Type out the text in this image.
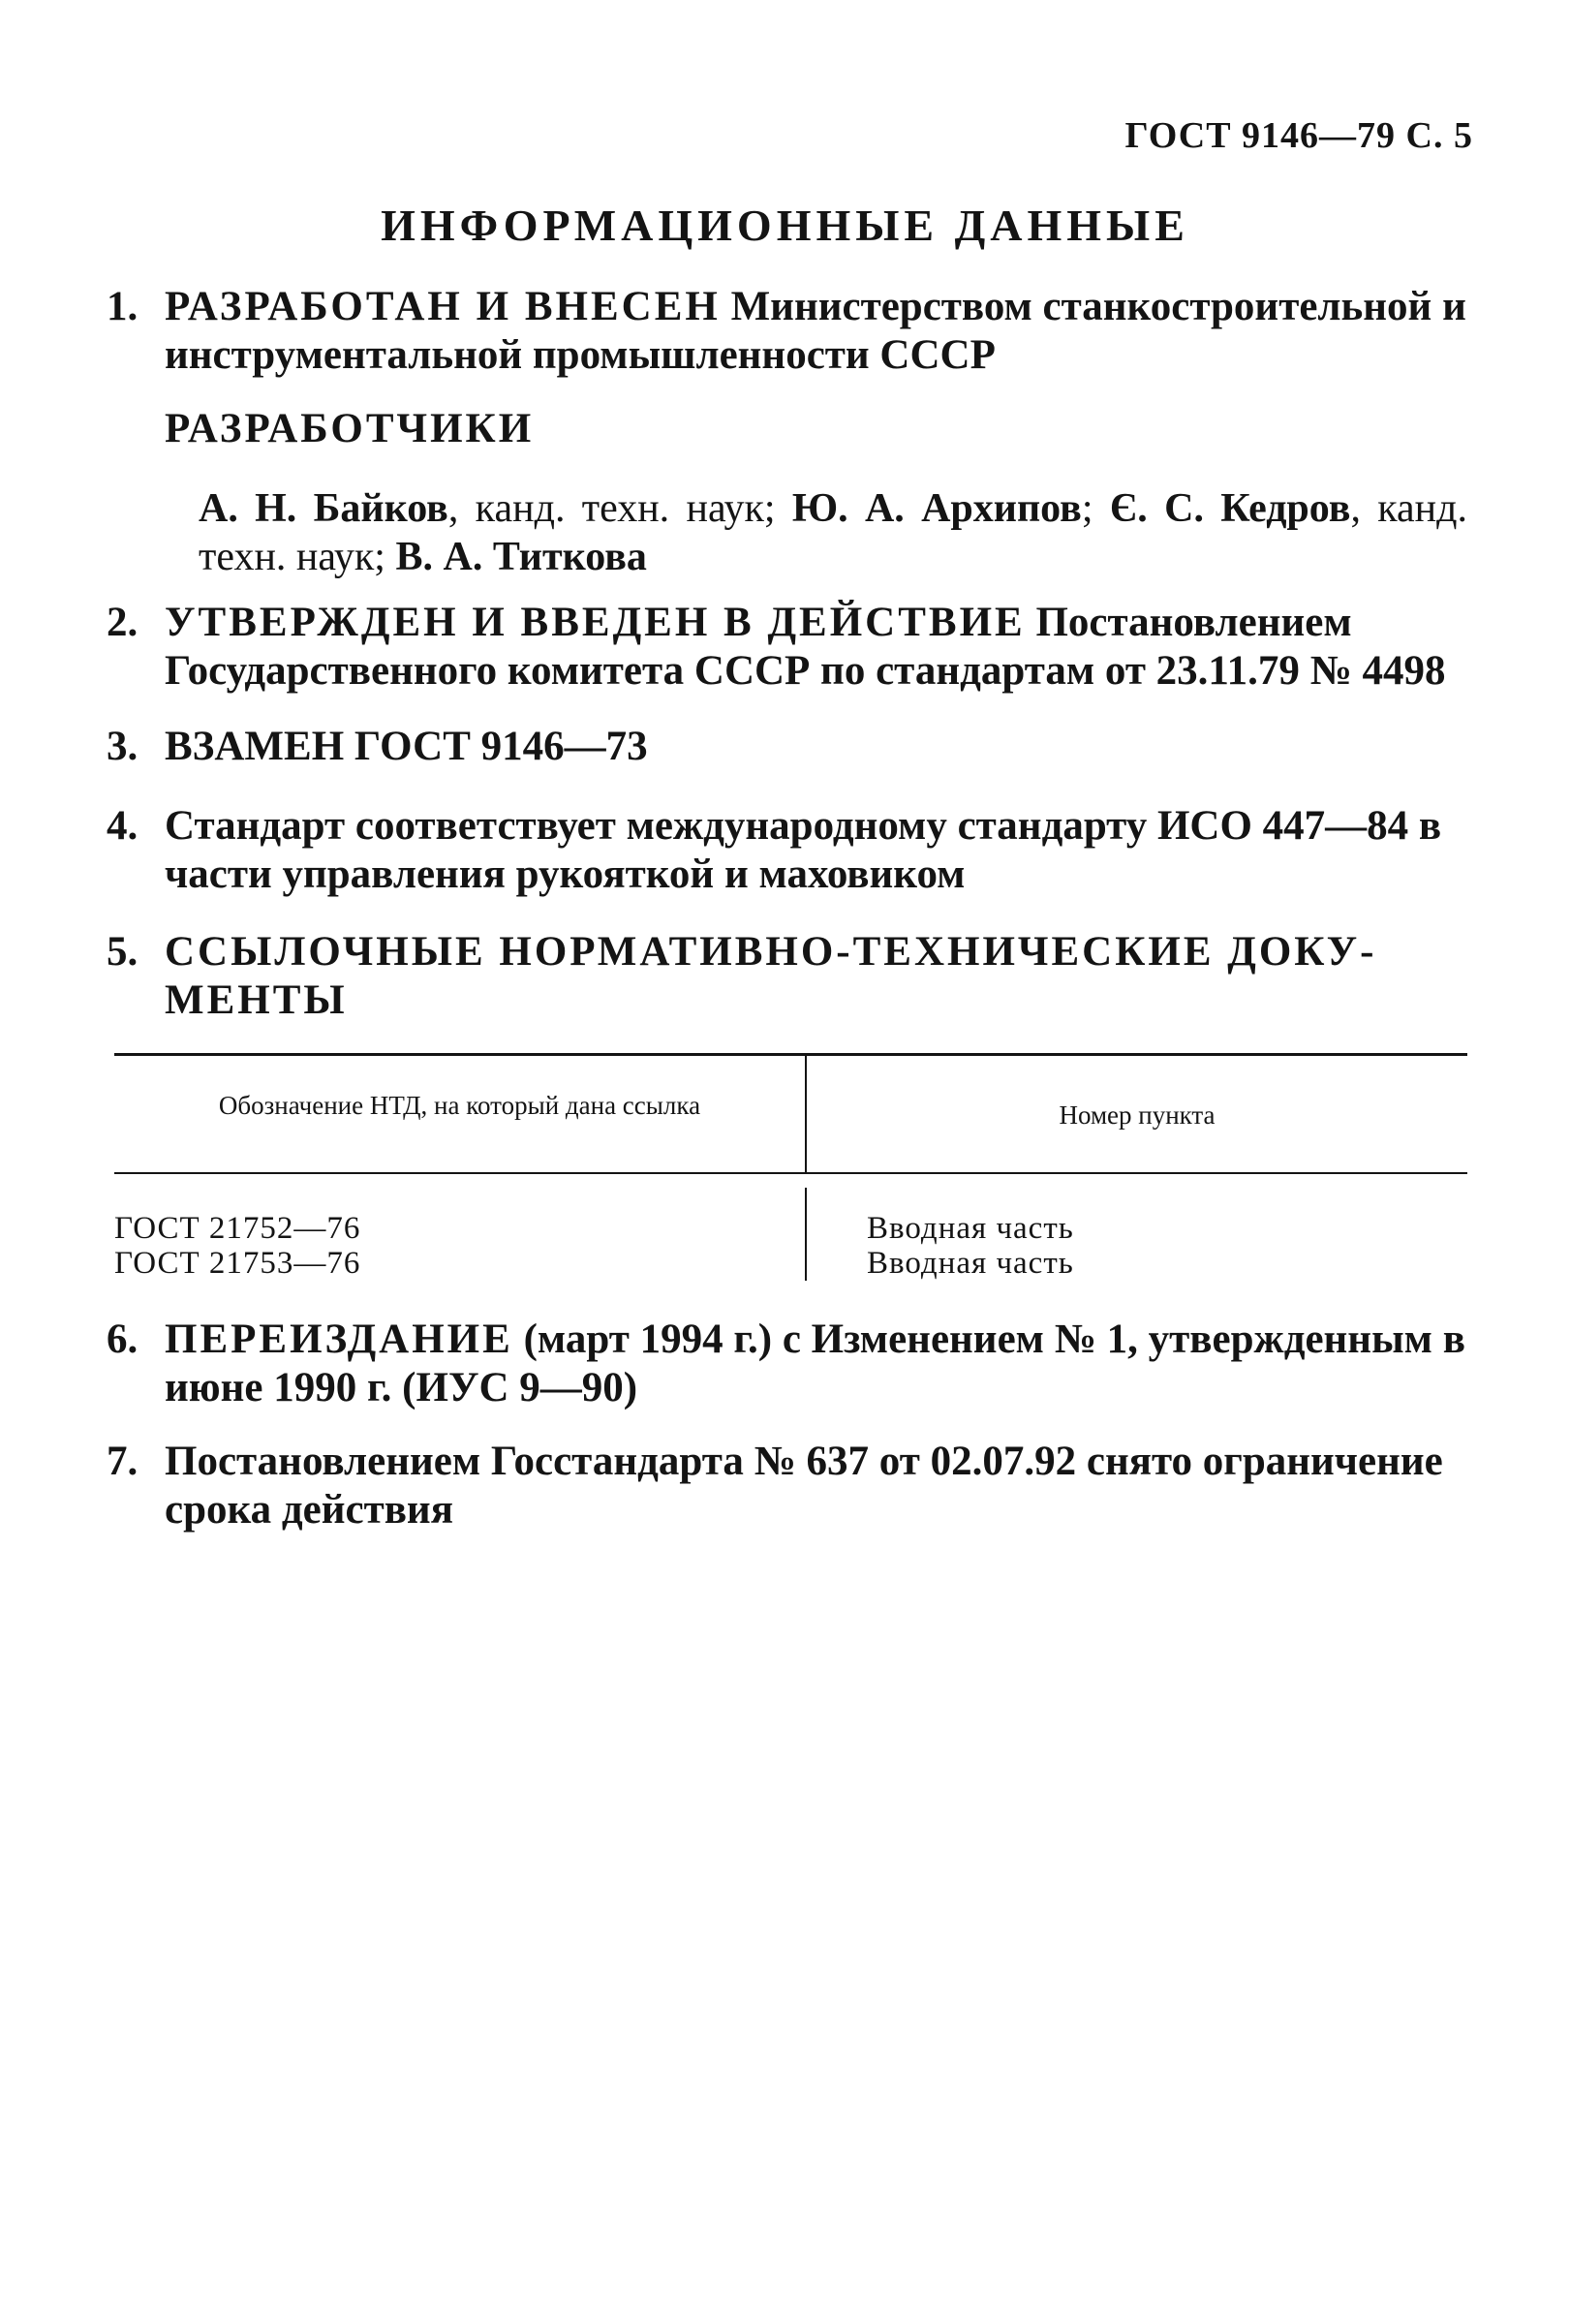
ГОСТ 9146—79 С. 5
ИНФОРМАЦИОННЫЕ ДАННЫЕ
1. РАЗРАБОТАН И ВНЕСЕН Министерством станкостроительной и инструментальной промышленности СССР
РАЗРАБОТЧИКИ
А. Н. Байков, канд. техн. наук; Ю. А. Архипов; Є. С. Кедров, канд. техн. наук; В. А. Титкова
2. УТВЕРЖДЕН И ВВЕДЕН В ДЕЙСТВИЕ Постановлением Государственного комитета СССР по стандартам от 23.11.79 № 4498
3. ВЗАМЕН ГОСТ 9146—73
4. Стандарт соответствует международному стандарту ИСО 447—84 в части управления рукояткой и маховиком
5. ССЫЛОЧНЫЕ НОРМАТИВНО-ТЕХНИЧЕСКИЕ ДОКУ-МЕНТЫ
Обозначение НТД, на который дана ссылка	Номер пункта
ГОСТ 21752—76
ГОСТ 21753—76
Вводная часть
Вводная часть
6. ПЕРЕИЗДАНИЕ (март 1994 г.) с Изменением № 1, утвержденным в июне 1990 г. (ИУС 9—90)
7. Постановлением Госстандарта № 637 от 02.07.92 снято ограничение срока действия
